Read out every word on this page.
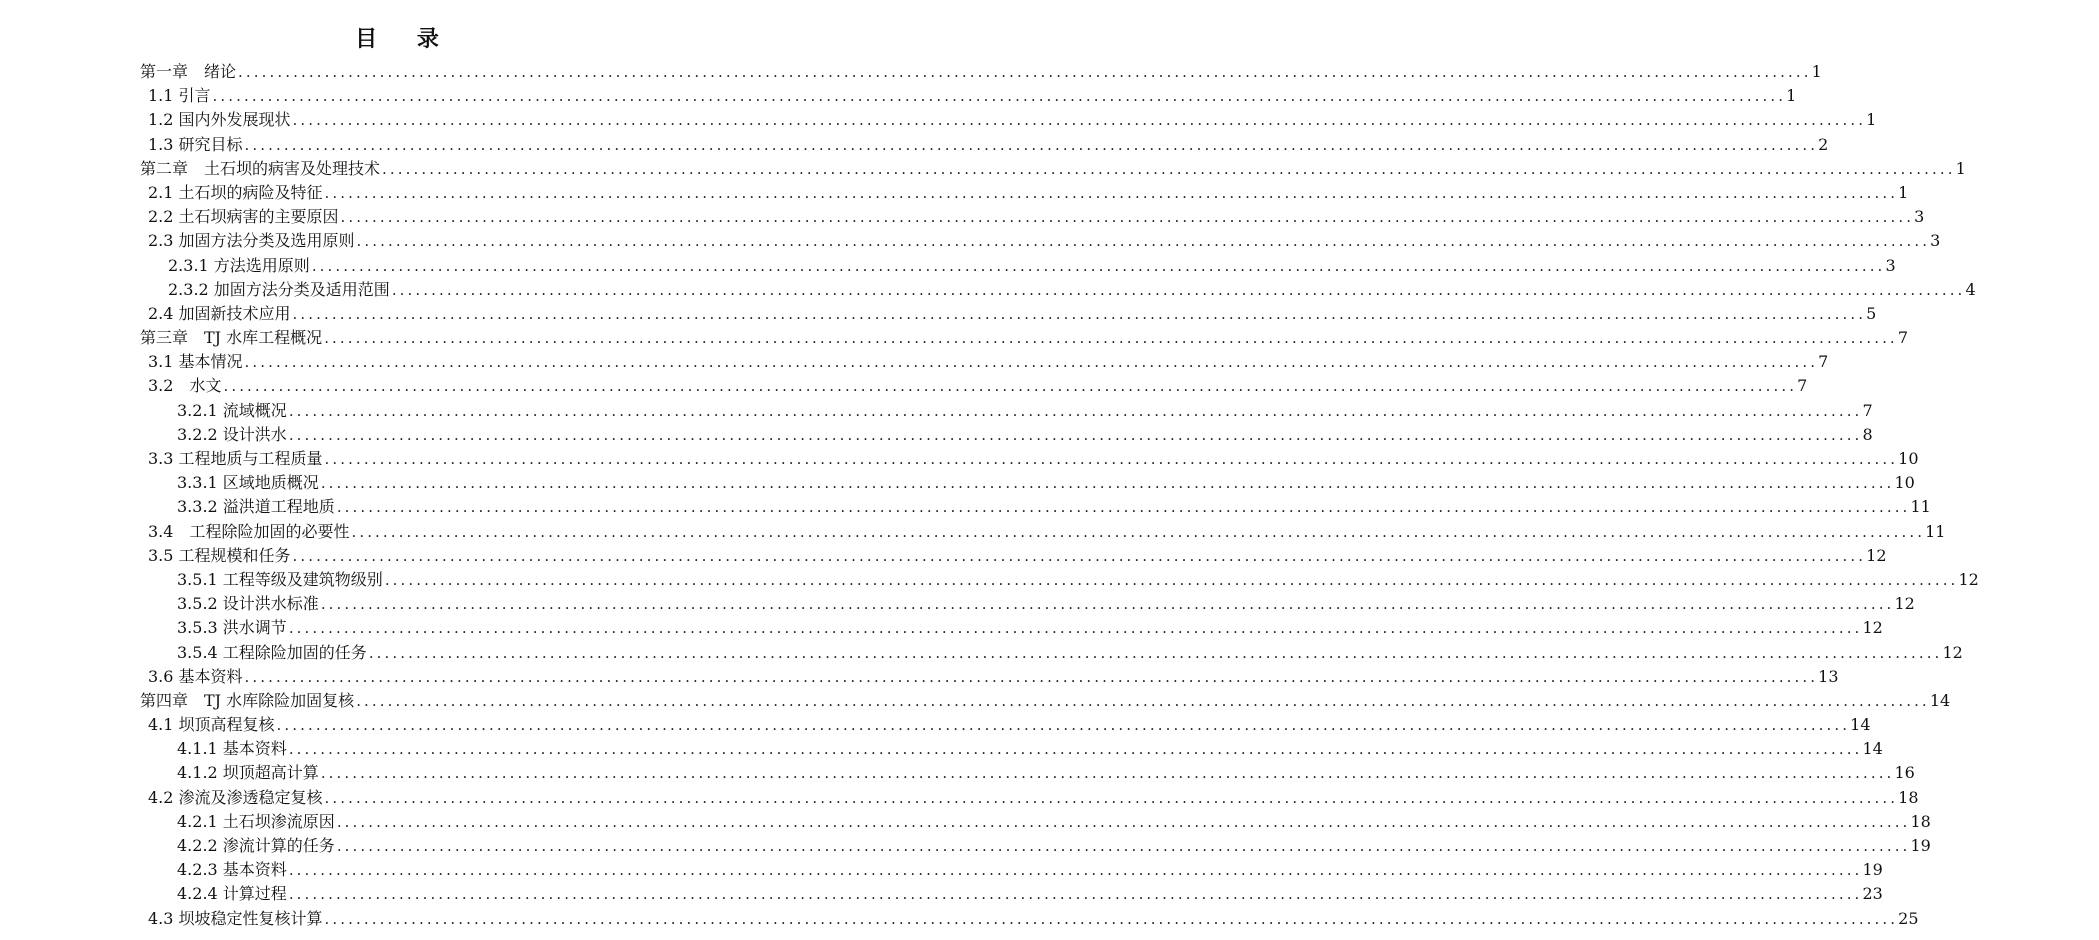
目 录
第一章　绪论 ........................................................................................................................................................................................................ 1
1.1 引言 ........................................................................................................................................................................................................ 1
1.2 国内外发展现状 ........................................................................................................................................................................................................ 1
1.3 研究目标 ........................................................................................................................................................................................................ 2
第二章　土石坝的病害及处理技术 ........................................................................................................................................................................................................ 1
2.1 土石坝的病险及特征 ........................................................................................................................................................................................................ 1
2.2 土石坝病害的主要原因 ........................................................................................................................................................................................................ 3
2.3 加固方法分类及选用原则 ........................................................................................................................................................................................................ 3
2.3.1 方法选用原则 ........................................................................................................................................................................................................ 3
2.3.2 加固方法分类及适用范围 ........................................................................................................................................................................................................ 4
2.4 加固新技术应用 ........................................................................................................................................................................................................ 5
第三章　TJ 水库工程概况 ........................................................................................................................................................................................................ 7
3.1 基本情况 ........................................................................................................................................................................................................ 7
3.2　水文 ........................................................................................................................................................................................................ 7
3.2.1 流域概况 ........................................................................................................................................................................................................ 7
3.2.2 设计洪水 ........................................................................................................................................................................................................ 8
3.3 工程地质与工程质量 ........................................................................................................................................................................................................ 10
3.3.1 区域地质概况 ........................................................................................................................................................................................................ 10
3.3.2 溢洪道工程地质 ........................................................................................................................................................................................................ 11
3.4　工程除险加固的必要性 ........................................................................................................................................................................................................ 11
3.5 工程规模和任务 ........................................................................................................................................................................................................ 12
3.5.1 工程等级及建筑物级别 ........................................................................................................................................................................................................ 12
3.5.2 设计洪水标准 ........................................................................................................................................................................................................ 12
3.5.3 洪水调节 ........................................................................................................................................................................................................ 12
3.5.4 工程除险加固的任务 ........................................................................................................................................................................................................ 12
3.6 基本资料 ........................................................................................................................................................................................................ 13
第四章　TJ 水库除险加固复核 ........................................................................................................................................................................................................ 14
4.1 坝顶高程复核 ........................................................................................................................................................................................................ 14
4.1.1 基本资料 ........................................................................................................................................................................................................ 14
4.1.2 坝顶超高计算 ........................................................................................................................................................................................................ 16
4.2 渗流及渗透稳定复核 ........................................................................................................................................................................................................ 18
4.2.1 土石坝渗流原因 ........................................................................................................................................................................................................ 18
4.2.2 渗流计算的任务 ........................................................................................................................................................................................................ 19
4.2.3 基本资料 ........................................................................................................................................................................................................ 19
4.2.4 计算过程 ........................................................................................................................................................................................................ 23
4.3 坝坡稳定性复核计算 ........................................................................................................................................................................................................ 25
